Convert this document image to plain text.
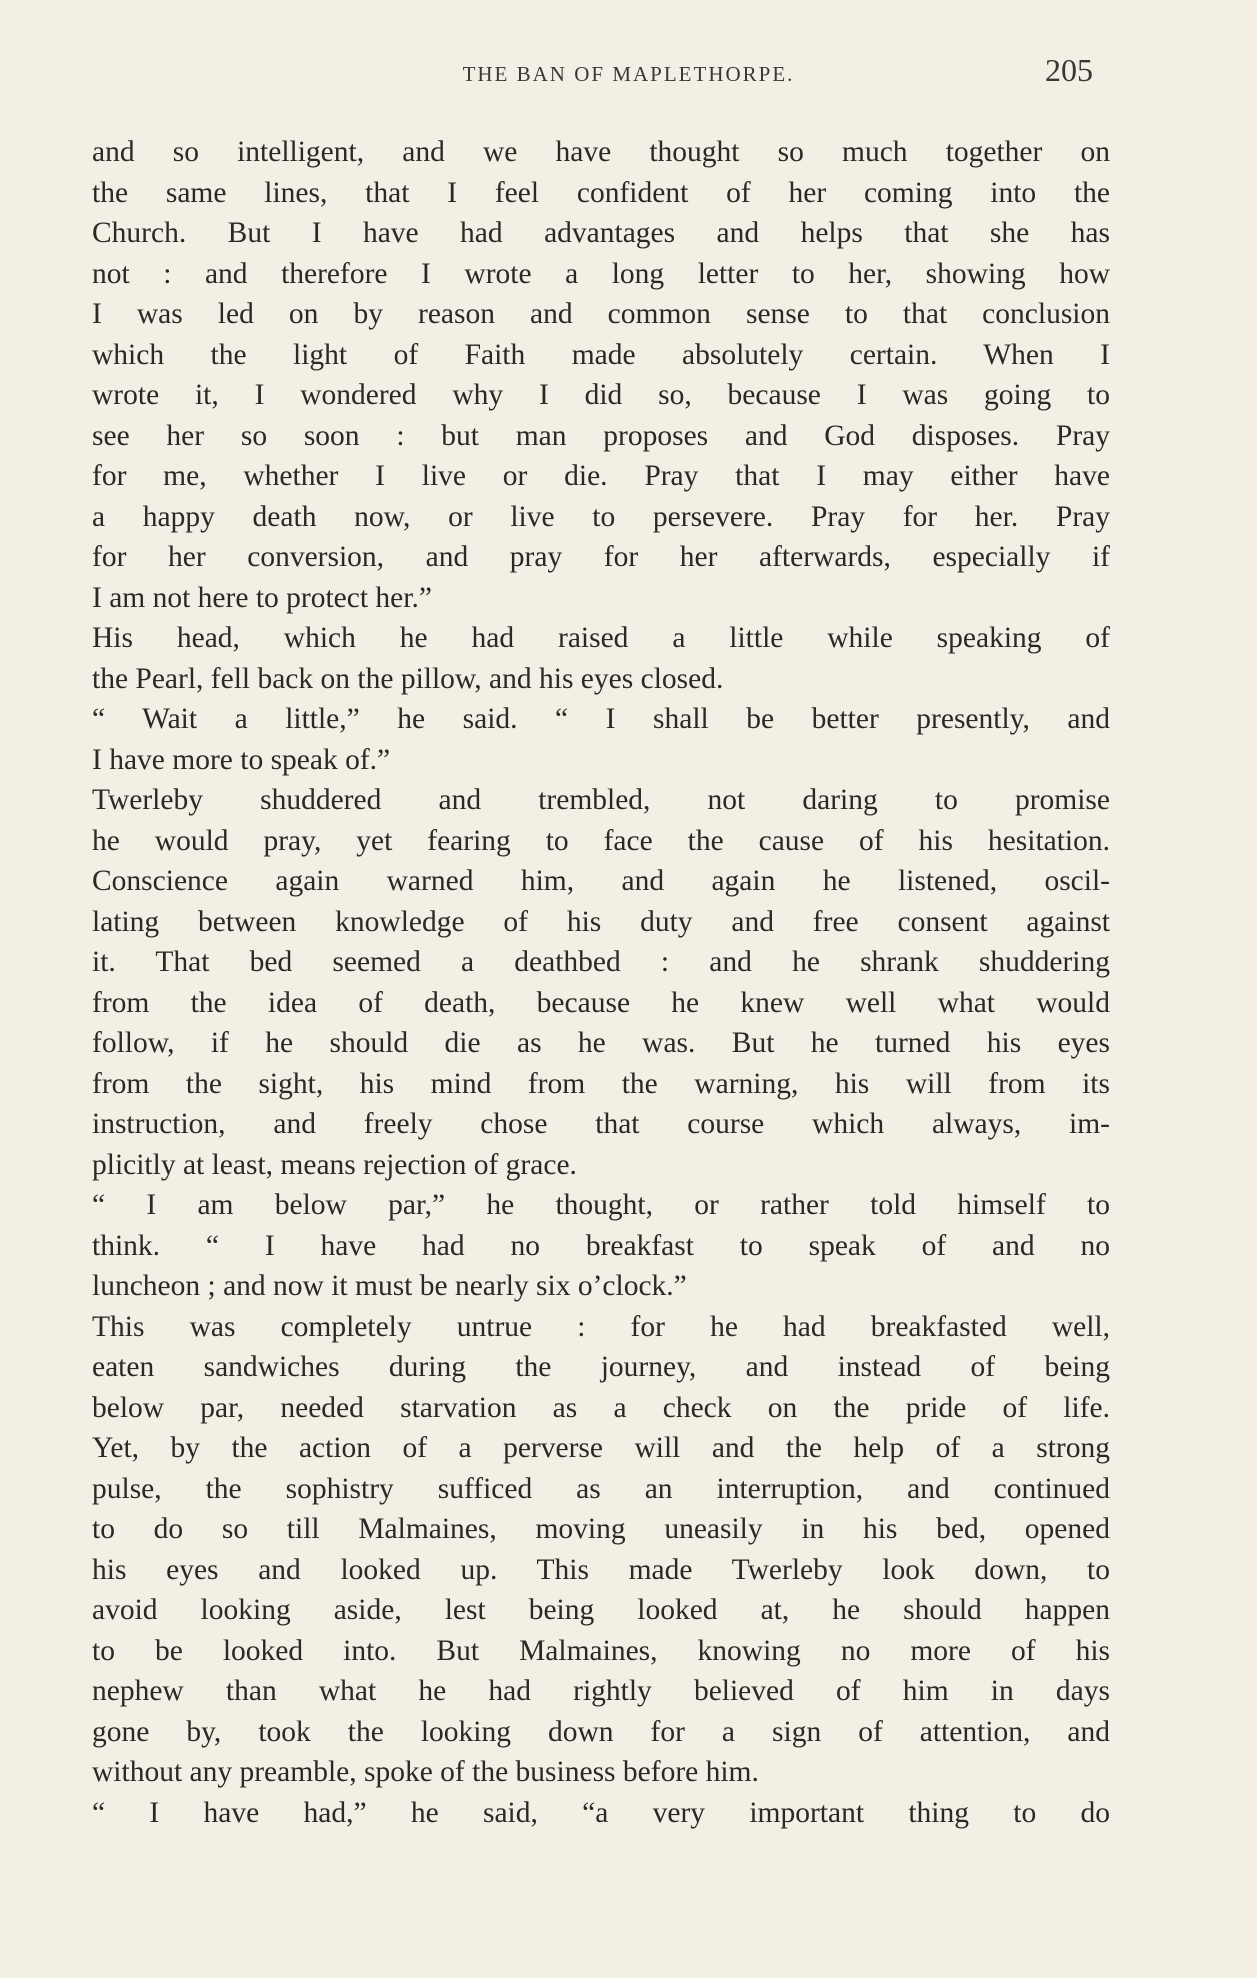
THE BAN OF MAPLETHORPE.	205
and so intelligent, and we have thought so much together on
the same lines, that I feel confident of her coming into the
Church. But I have had advantages and helps that she has
not : and therefore I wrote a long letter to her, showing how
I was led on by reason and common sense to that conclusion
which the light of Faith made absolutely certain. When I
wrote it, I wondered why I did so, because I was going to
see her so soon : but man proposes and God disposes. Pray
for me, whether I live or die. Pray that I may either have
a happy death now, or live to persevere. Pray for her. Pray
for her conversion, and pray for her afterwards, especially if
I am not here to protect her.”
His head, which he had raised a little while speaking of
the Pearl, fell back on the pillow, and his eyes closed.
“ Wait a little,” he said. “ I shall be better presently, and
I have more to speak of.”
Twerleby shuddered and trembled, not daring to promise
he would pray, yet fearing to face the cause of his hesitation.
Conscience again warned him, and again he listened, oscil-
lating between knowledge of his duty and free consent against
it. That bed seemed a deathbed : and he shrank shuddering
from the idea of death, because he knew well what would
follow, if he should die as he was. But he turned his eyes
from the sight, his mind from the warning, his will from its
instruction, and freely chose that course which always, im-
plicitly at least, means rejection of grace.
“ I am below par,” he thought, or rather told himself to
think. “ I have had no breakfast to speak of and no
luncheon ; and now it must be nearly six o’clock.”
This was completely untrue : for he had breakfasted well,
eaten sandwiches during the journey, and instead of being
below par, needed starvation as a check on the pride of life.
Yet, by the action of a perverse will and the help of a strong
pulse, the sophistry sufficed as an interruption, and continued
to do so till Malmaines, moving uneasily in his bed, opened
his eyes and looked up. This made Twerleby look down, to
avoid looking aside, lest being looked at, he should happen
to be looked into. But Malmaines, knowing no more of his
nephew than what he had rightly believed of him in days
gone by, took the looking down for a sign of attention, and
without any preamble, spoke of the business before him.
“ I have had,” he said, “a very important thing to do
